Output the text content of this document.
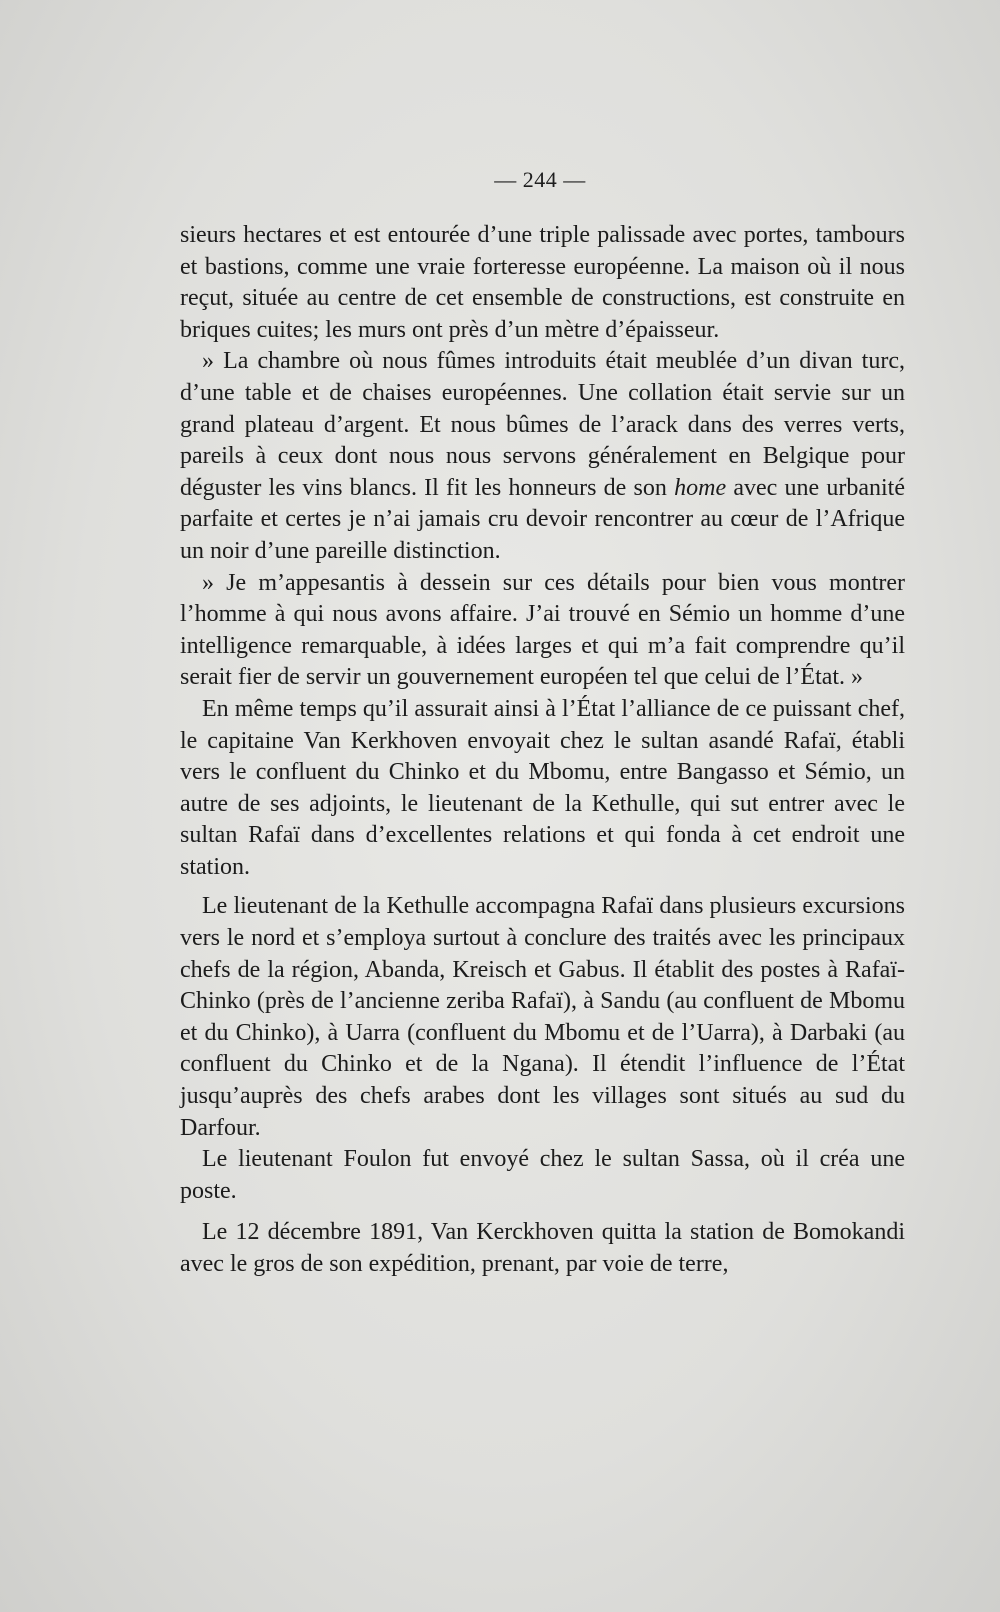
— 244 —

sieurs hectares et est entourée d’une triple palissade avec portes, tambours et bastions, comme une vraie forteresse européenne. La maison où il nous reçut, située au centre de cet ensemble de constructions, est construite en briques cuites; les murs ont près d’un mètre d’épaisseur.

» La chambre où nous fûmes introduits était meublée d’un divan turc, d’une table et de chaises européennes. Une collation était servie sur un grand plateau d’argent. Et nous bûmes de l’arack dans des verres verts, pareils à ceux dont nous nous servons généralement en Belgique pour déguster les vins blancs. Il fit les honneurs de son home avec une urbanité parfaite et certes je n’ai jamais cru devoir rencontrer au cœur de l’Afrique un noir d’une pareille distinction.

» Je m’appesantis à dessein sur ces détails pour bien vous montrer l’homme à qui nous avons affaire. J’ai trouvé en Sémio un homme d’une intelligence remarquable, à idées larges et qui m’a fait comprendre qu’il serait fier de servir un gouvernement européen tel que celui de l’État. »

En même temps qu’il assurait ainsi à l’État l’alliance de ce puissant chef, le capitaine Van Kerkhoven envoyait chez le sultan asandé Rafaï, établi vers le confluent du Chinko et du Mbomu, entre Bangasso et Sémio, un autre de ses adjoints, le lieutenant de la Kethulle, qui sut entrer avec le sultan Rafaï dans d’excellentes relations et qui fonda à cet endroit une station.

Le lieutenant de la Kethulle accompagna Rafaï dans plusieurs excursions vers le nord et s’employa surtout à conclure des traités avec les principaux chefs de la région, Abanda, Kreisch et Gabus. Il établit des postes à Rafaï-Chinko (près de l’ancienne zeriba Rafaï), à Sandu (au confluent de Mbomu et du Chinko), à Uarra (confluent du Mbomu et de l’Uarra), à Darbaki (au confluent du Chinko et de la Ngana). Il étendit l’influence de l’État jusqu’auprès des chefs arabes dont les villages sont situés au sud du Darfour.

Le lieutenant Foulon fut envoyé chez le sultan Sassa, où il créa une poste.

Le 12 décembre 1891, Van Kerckhoven quitta la station de Bomokandi avec le gros de son expédition, prenant, par voie de terre,
